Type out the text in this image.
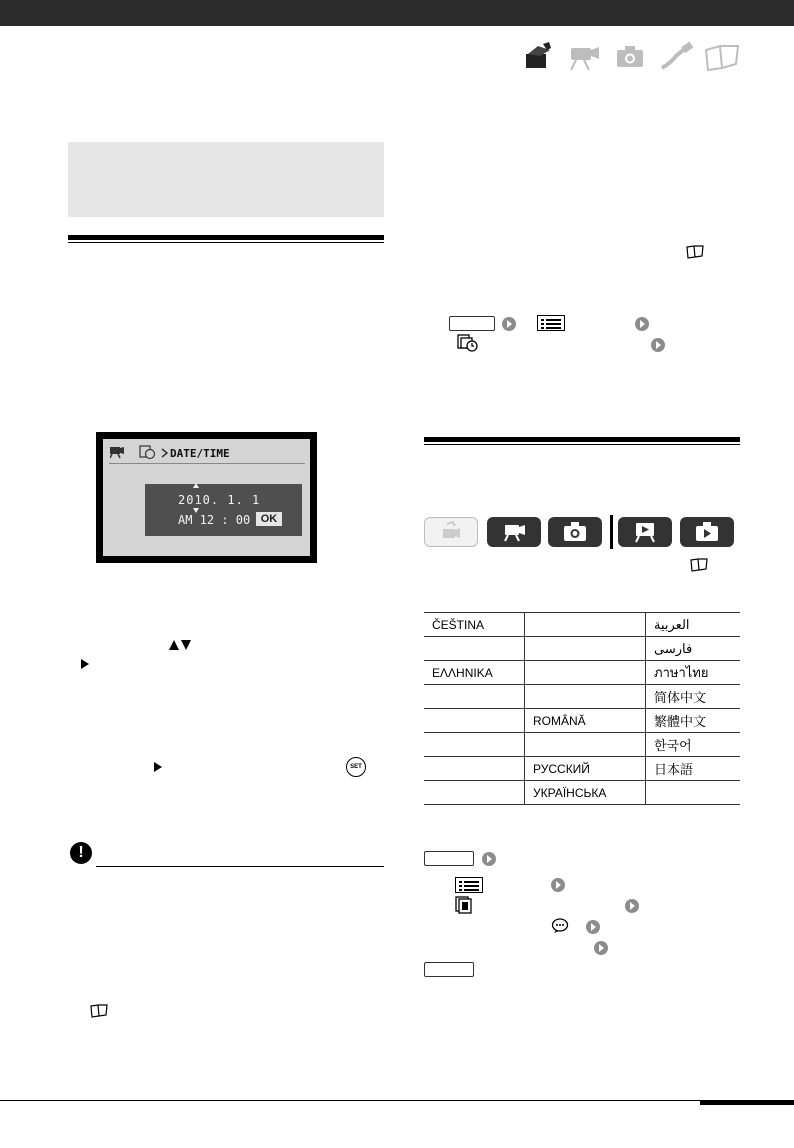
DATE/TIME
2010. 1. 1
AM 12 : 00 OK
SET
!
ČEŠTINA		العربية
		فارسی
ΕΛΛΗΝΙΚΑ		ภาษาไทย
		简体中文
	ROMÂNĂ	繁體中文
		한국어
	РУССКИЙ	日本語
	УКРАЇНСЬКА	
